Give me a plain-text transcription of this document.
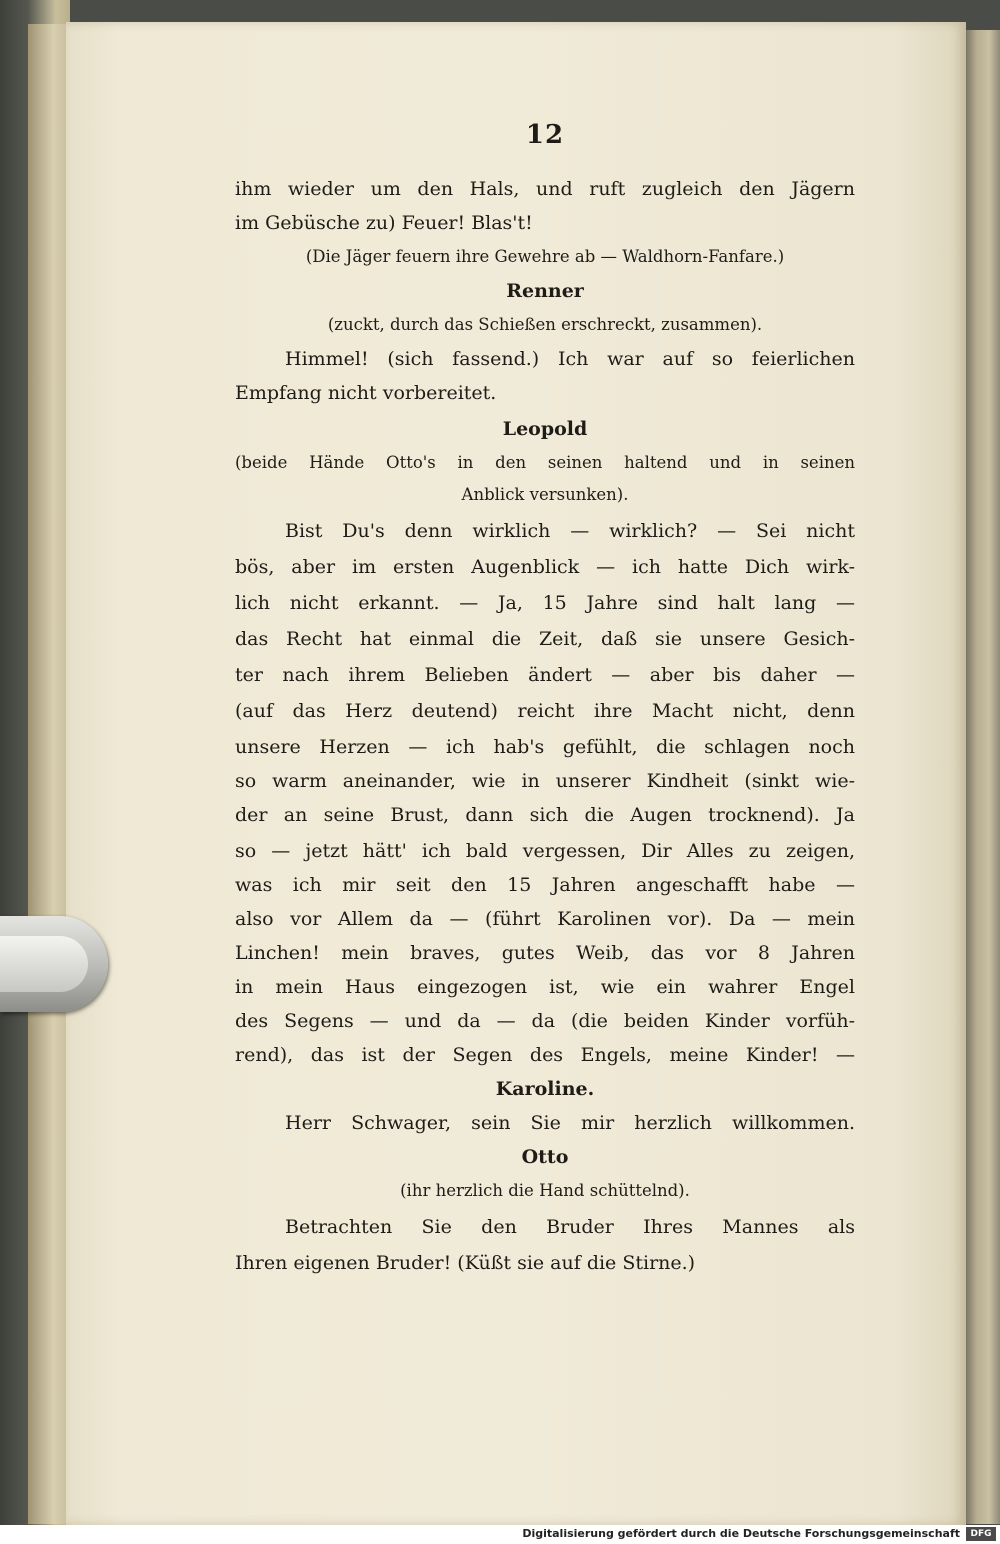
12
ihm wieder um den Hals, und ruft zugleich den Jägern
im Gebüsche zu) Feuer! Blas't!
(Die Jäger feuern ihre Gewehre ab — Waldhorn-Fanfare.)
Renner
(zuckt, durch das Schießen erschreckt, zusammen).
Himmel! (sich fassend.) Ich war auf so feierlichen
Empfang nicht vorbereitet.
Leopold
(beide Hände Otto's in den seinen haltend und in seinen
Anblick versunken).
Bist Du's denn wirklich — wirklich? — Sei nicht
bös, aber im ersten Augenblick — ich hatte Dich wirk-
lich nicht erkannt. — Ja, 15 Jahre sind halt lang —
das Recht hat einmal die Zeit, daß sie unsere Gesich-
ter nach ihrem Belieben ändert — aber bis daher —
(auf das Herz deutend) reicht ihre Macht nicht, denn
unsere Herzen — ich hab's gefühlt, die schlagen noch
so warm aneinander, wie in unserer Kindheit (sinkt wie-
der an seine Brust, dann sich die Augen trocknend). Ja
so — jetzt hätt' ich bald vergessen, Dir Alles zu zeigen,
was ich mir seit den 15 Jahren angeschafft habe —
also vor Allem da — (führt Karolinen vor). Da — mein
Linchen! mein braves, gutes Weib, das vor 8 Jahren
in mein Haus eingezogen ist, wie ein wahrer Engel
des Segens — und da — da (die beiden Kinder vorfüh-
rend), das ist der Segen des Engels, meine Kinder! —
Karoline.
Herr Schwager, sein Sie mir herzlich willkommen.
Otto
(ihr herzlich die Hand schüttelnd).
Betrachten Sie den Bruder Ihres Mannes als
Ihren eigenen Bruder! (Küßt sie auf die Stirne.)
Digitalisierung gefördert durch die Deutsche Forschungsgemeinschaft	DFG
